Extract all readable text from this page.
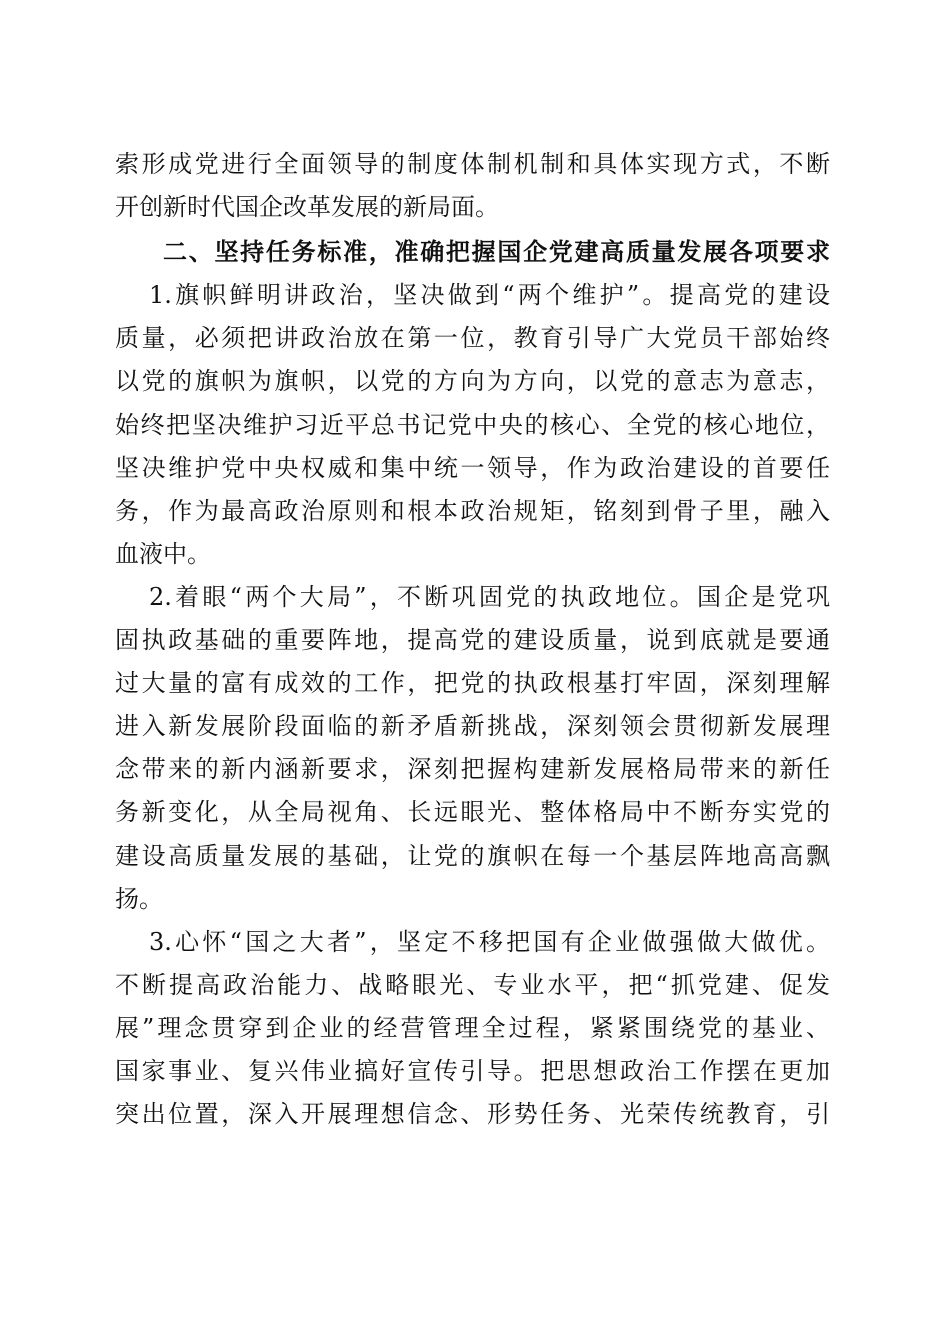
索形成党进行全面领导的制度体制机制和具体实现方式，不断
开创新时代国企改革发展的新局面。
二、坚持任务标准，准确把握国企党建高质量发展各项要求
1.旗帜鲜明讲政治，坚决做到“两个维护”。提高党的建设
质量，必须把讲政治放在第一位，教育引导广大党员干部始终
以党的旗帜为旗帜，以党的方向为方向，以党的意志为意志，
始终把坚决维护习近平总书记党中央的核心、全党的核心地位，
坚决维护党中央权威和集中统一领导，作为政治建设的首要任
务，作为最高政治原则和根本政治规矩，铭刻到骨子里，融入
血液中。
2.着眼“两个大局”，不断巩固党的执政地位。国企是党巩
固执政基础的重要阵地，提高党的建设质量，说到底就是要通
过大量的富有成效的工作，把党的执政根基打牢固，深刻理解
进入新发展阶段面临的新矛盾新挑战，深刻领会贯彻新发展理
念带来的新内涵新要求，深刻把握构建新发展格局带来的新任
务新变化，从全局视角、长远眼光、整体格局中不断夯实党的
建设高质量发展的基础，让党的旗帜在每一个基层阵地高高飘
扬。
3.心怀“国之大者”，坚定不移把国有企业做强做大做优。
不断提高政治能力、战略眼光、专业水平，把“抓党建、促发
展”理念贯穿到企业的经营管理全过程，紧紧围绕党的基业、
国家事业、复兴伟业搞好宣传引导。把思想政治工作摆在更加
突出位置，深入开展理想信念、形势任务、光荣传统教育，引
